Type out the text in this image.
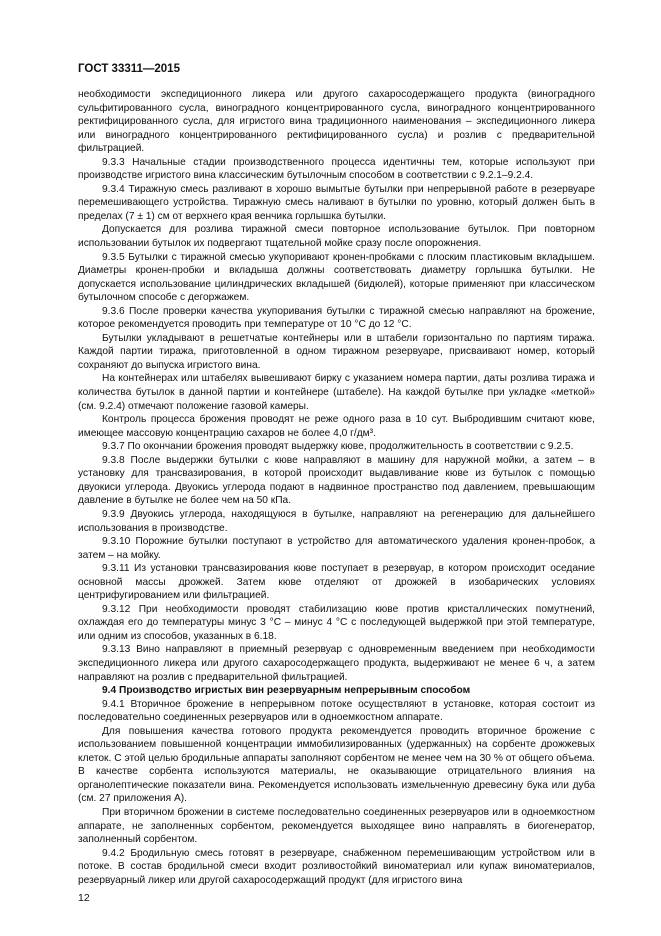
ГОСТ 33311—2015

необходимости экспедиционного ликера или другого сахаросодержащего продукта (виноградного сульфитированного сусла, виноградного концентрированного сусла, виноградного концентрированного ректифицированного сусла, для игристого вина традиционного наименования – экспедиционного ликера или виноградного концентрированного ректифицированного сусла) и розлив с предварительной фильтрацией.

9.3.3 Начальные стадии производственного процесса идентичны тем, которые используют при производстве игристого вина классическим бутылочным способом в соответствии с 9.2.1–9.2.4.

9.3.4 Тиражную смесь разливают в хорошо вымытые бутылки при непрерывной работе в резервуаре перемешивающего устройства. Тиражную смесь наливают в бутылки по уровню, который должен быть в пределах (7 ± 1) см от верхнего края венчика горлышка бутылки.

Допускается для розлива тиражной смеси повторное использование бутылок. При повторном использовании бутылок их подвергают тщательной мойке сразу после опорожнения.

9.3.5 Бутылки с тиражной смесью укупоривают кронен-пробками с плоским пластиковым вкладышем. Диаметры кронен-пробки и вкладыша должны соответствовать диаметру горлышка бутылки. Не допускается использование цилиндрических вкладышей (бидюлей), которые применяют при классическом бутылочном способе с дегоржажем.

9.3.6 После проверки качества укупоривания бутылки с тиражной смесью направляют на брожение, которое рекомендуется проводить при температуре от 10 °С до 12 °С.

Бутылки укладывают в решетчатые контейнеры или в штабели горизонтально по партиям тиража. Каждой партии тиража, приготовленной в одном тиражном резервуаре, присваивают номер, который сохраняют до выпуска игристого вина.

На контейнерах или штабелях вывешивают бирку с указанием номера партии, даты розлива тиража и количества бутылок в данной партии и контейнере (штабеле). На каждой бутылке при укладке «меткой» (см. 9.2.4) отмечают положение газовой камеры.

Контроль процесса брожения проводят не реже одного раза в 10 сут. Выбродившим считают кюве, имеющее массовую концентрацию сахаров не более 4,0 г/дм³.

9.3.7 По окончании брожения проводят выдержку кюве, продолжительность в соответствии с 9.2.5.

9.3.8 После выдержки бутылки с кюве направляют в машину для наружной мойки, а затем – в установку для трансвазирования, в которой происходит выдавливание кюве из бутылок с помощью двуокиси углерода. Двуокись углерода подают в надвинное пространство под давлением, превышающим давление в бутылке не более чем на 50 кПа.

9.3.9 Двуокись углерода, находящуюся в бутылке, направляют на регенерацию для дальнейшего использования в производстве.

9.3.10 Порожние бутылки поступают в устройство для автоматического удаления кронен-пробок, а затем – на мойку.

9.3.11 Из установки трансвазирования кюве поступает в резервуар, в котором происходит оседание основной массы дрожжей. Затем кюве отделяют от дрожжей в изобарических условиях центрифугированием или фильтрацией.

9.3.12 При необходимости проводят стабилизацию кюве против кристаллических помутнений, охлаждая его до температуры минус 3 °С – минус 4 °С с последующей выдержкой при этой температуре, или одним из способов, указанных в 6.18.

9.3.13 Вино направляют в приемный резервуар с одновременным введением при необходимости экспедиционного ликера или другого сахаросодержащего продукта, выдерживают не менее 6 ч, а затем направляют на розлив с предварительной фильтрацией.

9.4 Производство игристых вин резервуарным непрерывным способом

9.4.1 Вторичное брожение в непрерывном потоке осуществляют в установке, которая состоит из последовательно соединенных резервуаров или в одноемкостном аппарате.

Для повышения качества готового продукта рекомендуется проводить вторичное брожение с использованием повышенной концентрации иммобилизированных (удержанных) на сорбенте дрожжевых клеток. С этой целью бродильные аппараты заполняют сорбентом не менее чем на 30 % от общего объема. В качестве сорбента используются материалы, не оказывающие отрицательного влияния на органолептические показатели вина. Рекомендуется использовать измельченную древесину бука или дуба (см. 27 приложения А).

При вторичном брожении в системе последовательно соединенных резервуаров или в одноемкостном аппарате, не заполненных сорбентом, рекомендуется выходящее вино направлять в биогенератор, заполненный сорбентом.

9.4.2 Бродильную смесь готовят в резервуаре, снабженном перемешивающим устройством или в потоке. В состав бродильной смеси входит розливостойкий виноматериал или купаж виноматериалов, резервуарный ликер или другой сахаросодержащий продукт (для игристого вина

12
